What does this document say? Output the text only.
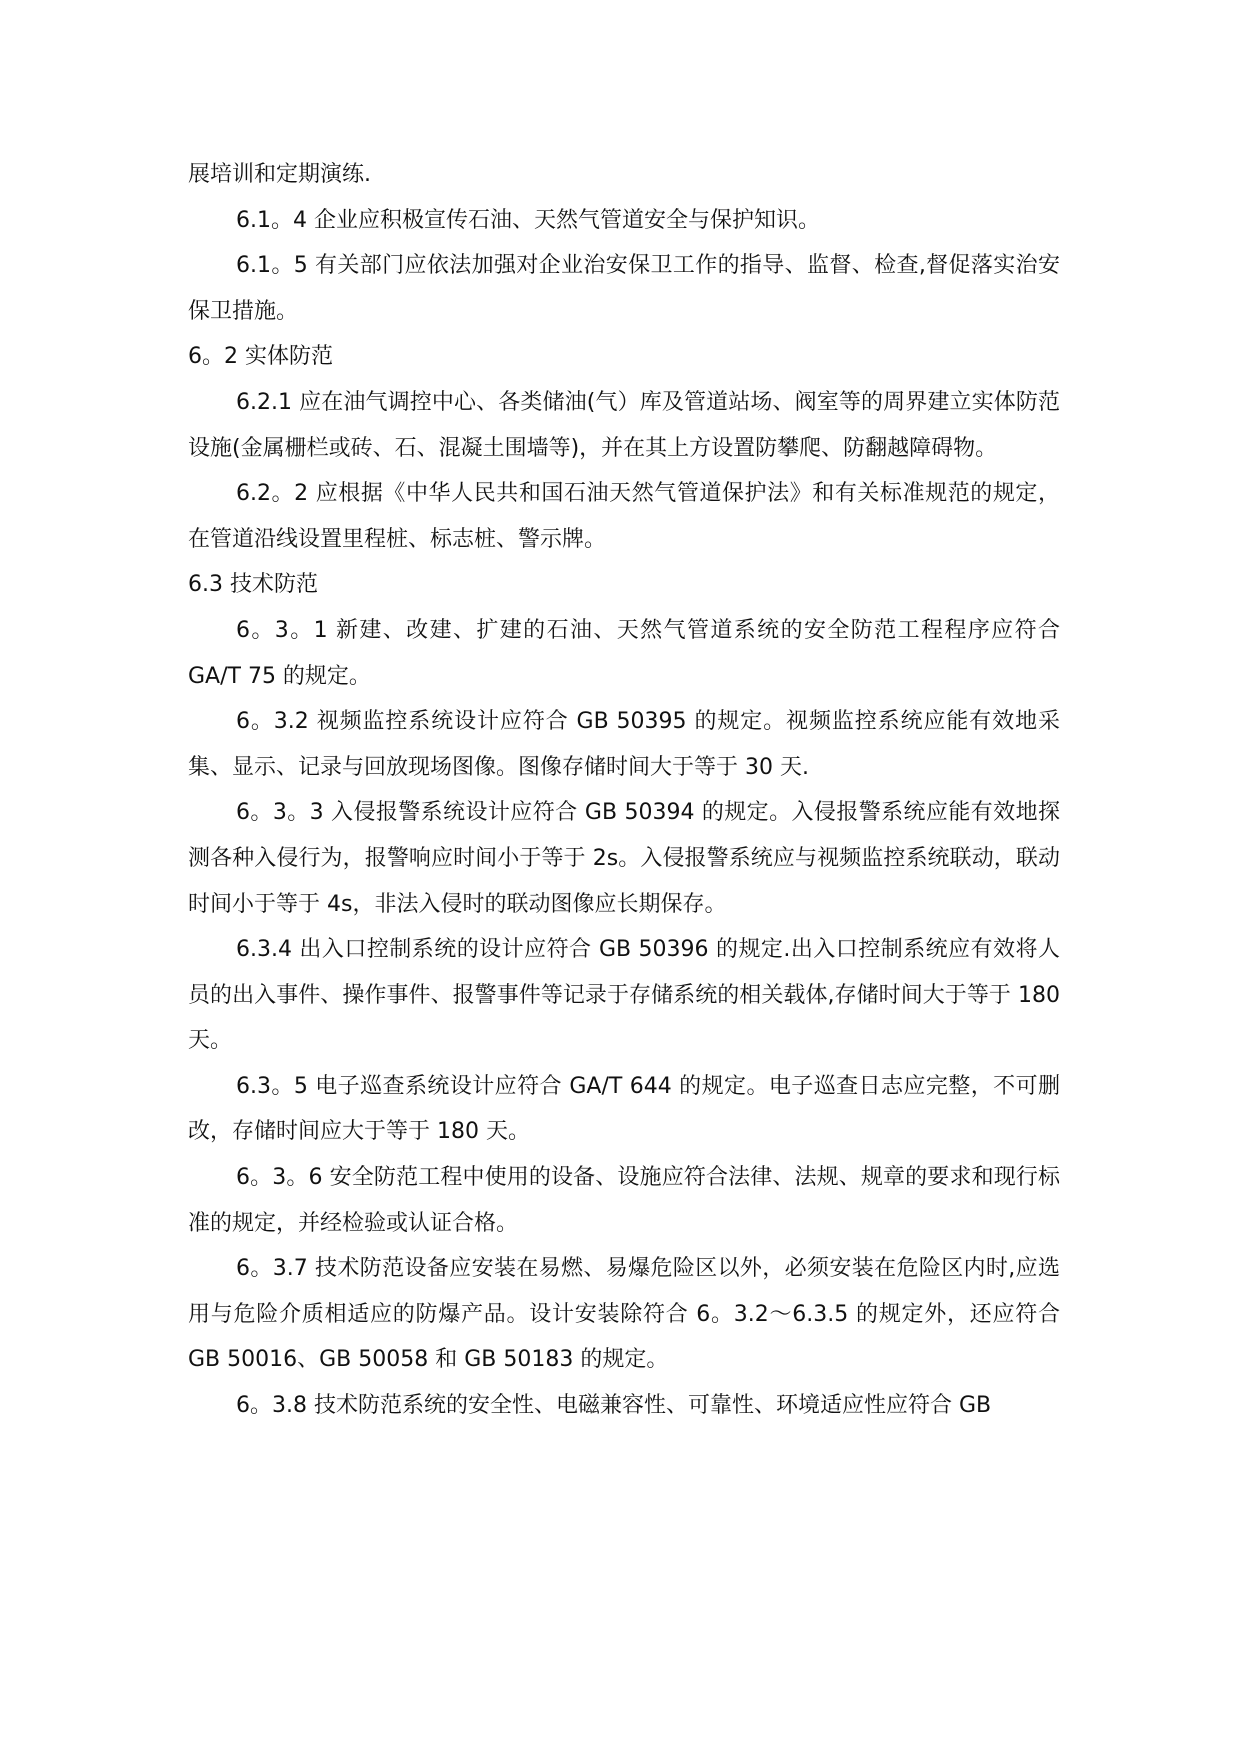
展培训和定期演练.

6.1。4 企业应积极宣传石油、天然气管道安全与保护知识。

6.1。5 有关部门应依法加强对企业治安保卫工作的指导、监督、检查,督促落实治安保卫措施。

6。2 实体防范

6.2.1 应在油气调控中心、各类储油(气）库及管道站场、阀室等的周界建立实体防范设施(金属栅栏或砖、石、混凝土围墙等)，并在其上方设置防攀爬、防翻越障碍物。

6.2。2 应根据《中华人民共和国石油天然气管道保护法》和有关标准规范的规定，在管道沿线设置里程桩、标志桩、警示牌。

6.3 技术防范

6。3。1 新建、改建、扩建的石油、天然气管道系统的安全防范工程程序应符合 GA/T 75 的规定。

6。3.2 视频监控系统设计应符合 GB 50395 的规定。视频监控系统应能有效地采集、显示、记录与回放现场图像。图像存储时间大于等于 30 天.

6。3。3 入侵报警系统设计应符合 GB 50394 的规定。入侵报警系统应能有效地探测各种入侵行为，报警响应时间小于等于 2s。入侵报警系统应与视频监控系统联动，联动时间小于等于 4s，非法入侵时的联动图像应长期保存。

6.3.4 出入口控制系统的设计应符合 GB 50396 的规定.出入口控制系统应有效将人员的出入事件、操作事件、报警事件等记录于存储系统的相关载体,存储时间大于等于 180 天。

6.3。5 电子巡查系统设计应符合 GA/T 644 的规定。电子巡查日志应完整，不可删改，存储时间应大于等于 180 天。

6。3。6 安全防范工程中使用的设备、设施应符合法律、法规、规章的要求和现行标准的规定，并经检验或认证合格。

6。3.7 技术防范设备应安装在易燃、易爆危险区以外，必须安装在危险区内时,应选用与危险介质相适应的防爆产品。设计安装除符合 6。3.2～6.3.5 的规定外，还应符合 GB 50016、GB 50058 和 GB 50183 的规定。

6。3.8 技术防范系统的安全性、电磁兼容性、可靠性、环境适应性应符合 GB
